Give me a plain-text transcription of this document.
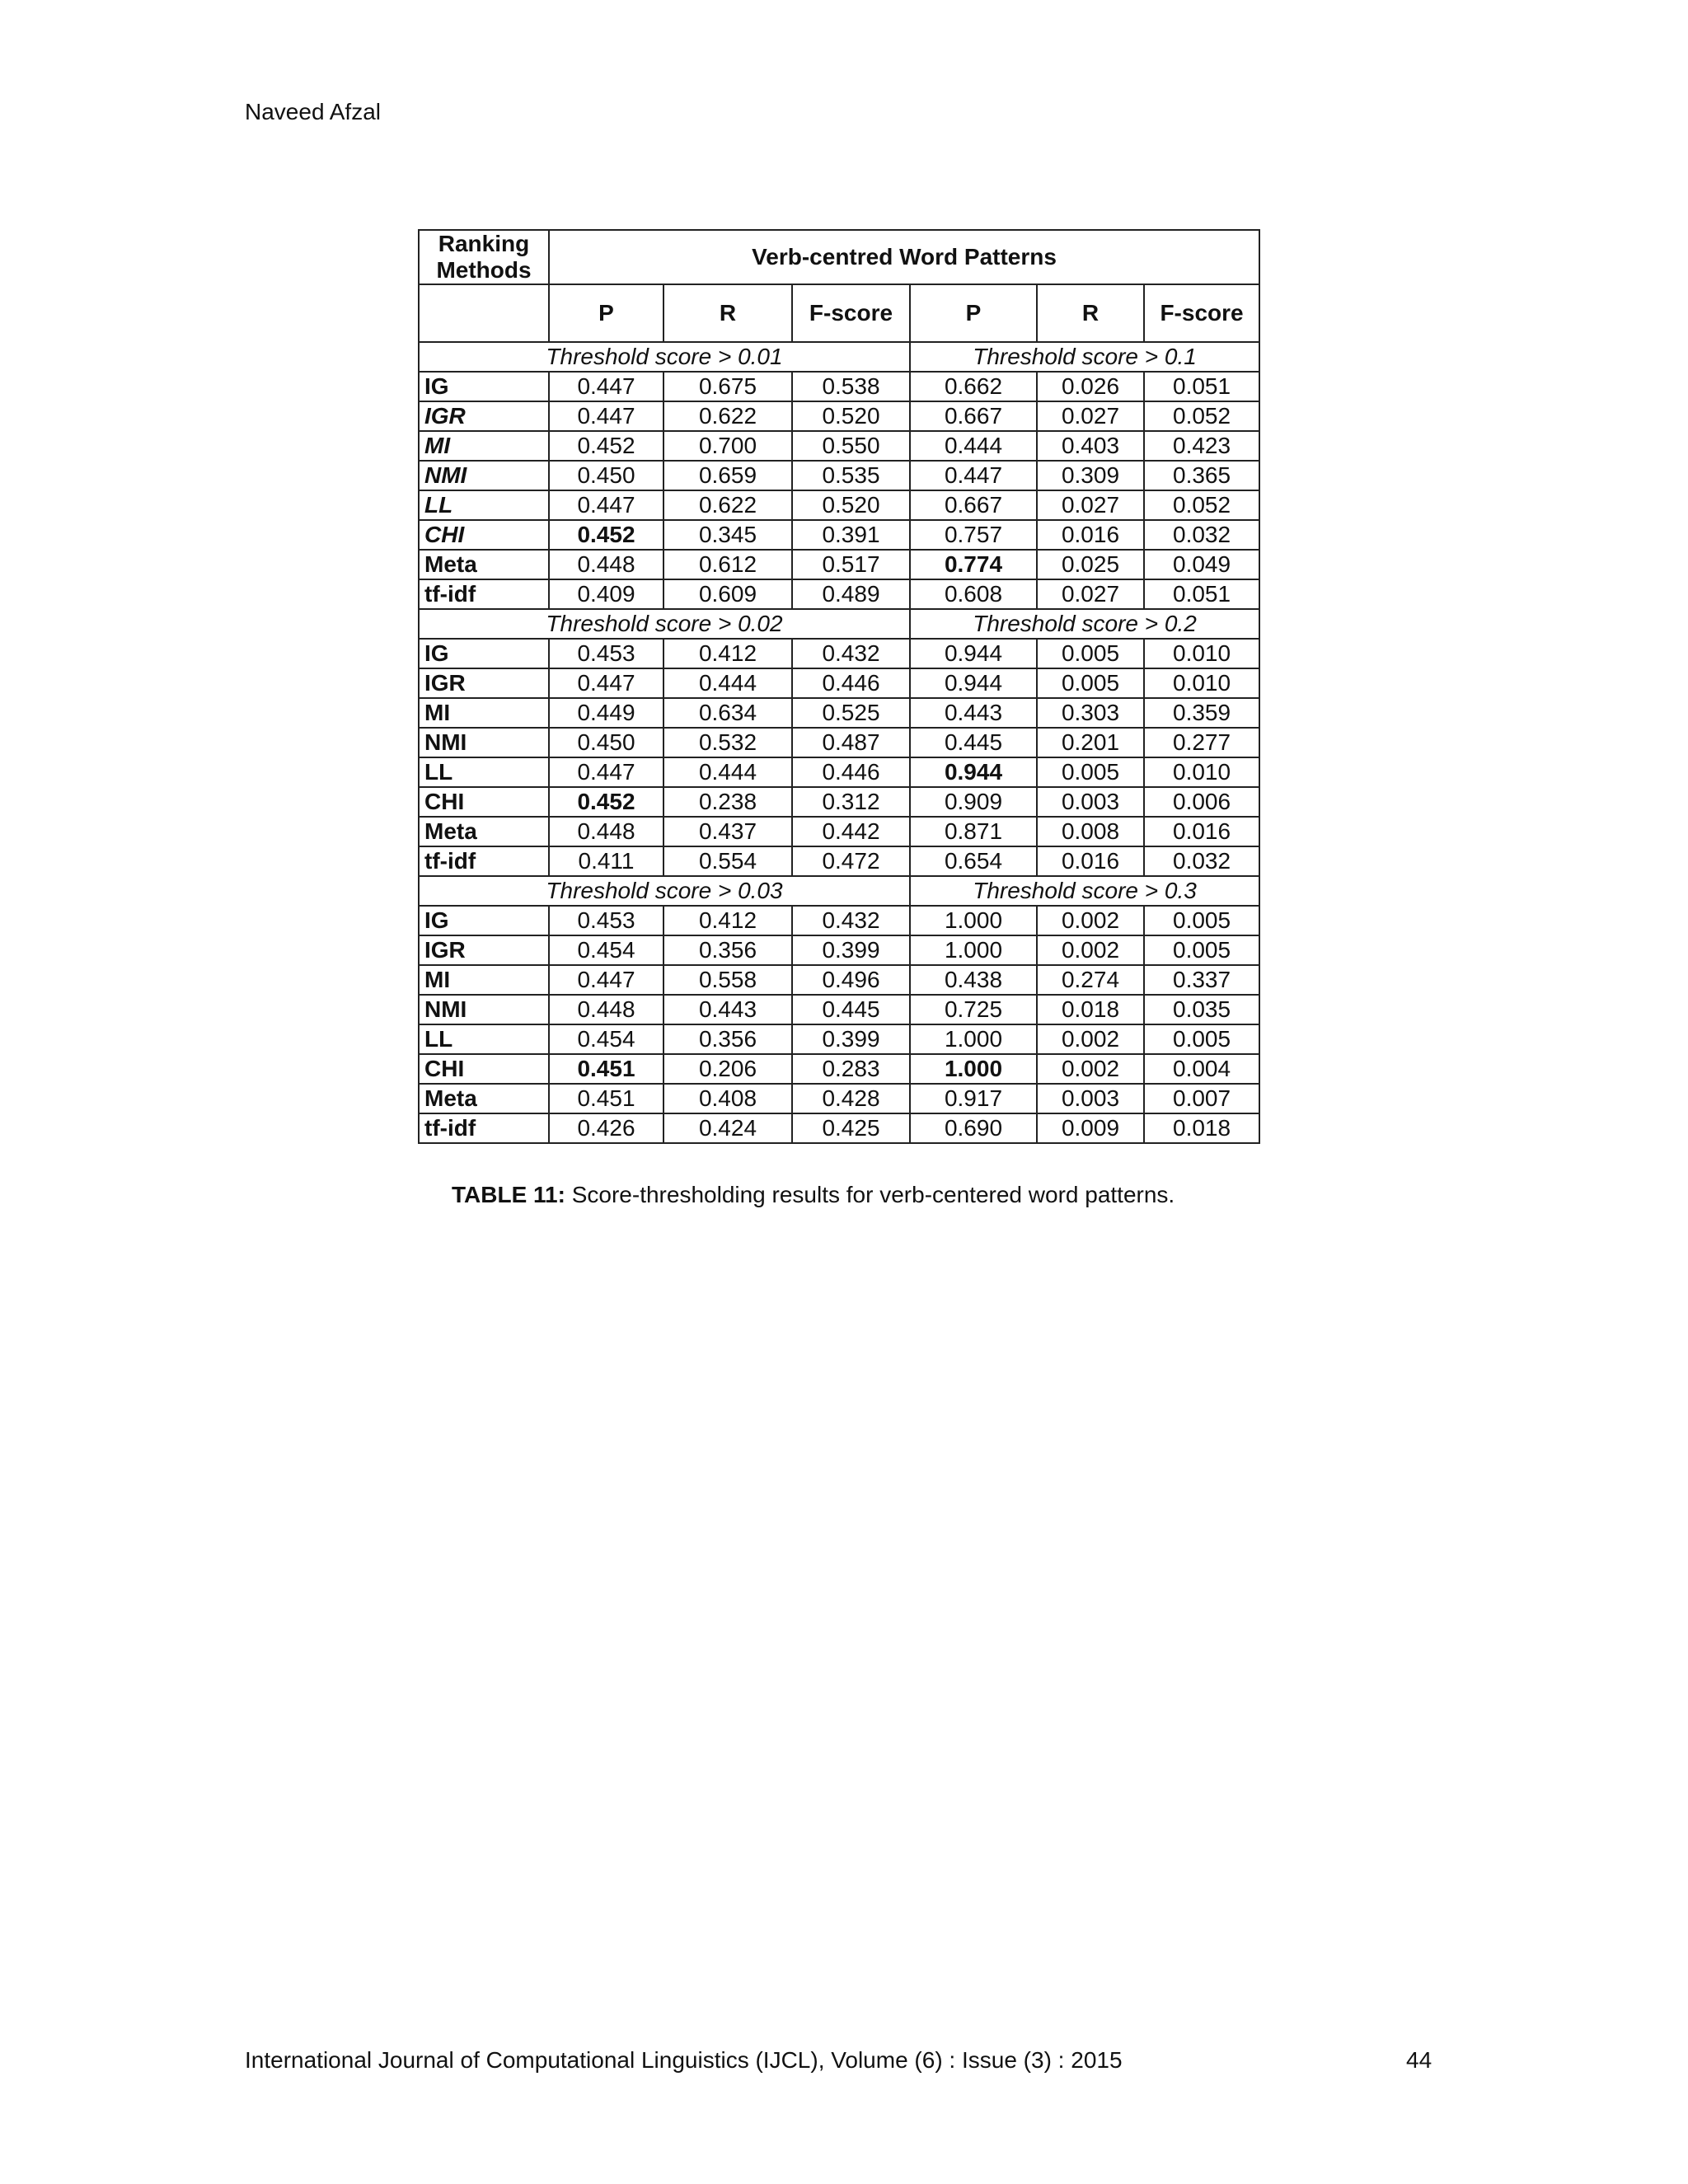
Naveed Afzal
Ranking Methods	Verb-centred Word Patterns					
	P	R	F-score	P	R	F-score
Threshold score > 0.01				Threshold score > 0.1		
IG	0.447	0.675	0.538	0.662	0.026	0.051
IGR	0.447	0.622	0.520	0.667	0.027	0.052
MI	0.452	0.700	0.550	0.444	0.403	0.423
NMI	0.450	0.659	0.535	0.447	0.309	0.365
LL	0.447	0.622	0.520	0.667	0.027	0.052
CHI	0.452	0.345	0.391	0.757	0.016	0.032
Meta	0.448	0.612	0.517	0.774	0.025	0.049
tf-idf	0.409	0.609	0.489	0.608	0.027	0.051
Threshold score > 0.02				Threshold score > 0.2		
IG	0.453	0.412	0.432	0.944	0.005	0.010
IGR	0.447	0.444	0.446	0.944	0.005	0.010
MI	0.449	0.634	0.525	0.443	0.303	0.359
NMI	0.450	0.532	0.487	0.445	0.201	0.277
LL	0.447	0.444	0.446	0.944	0.005	0.010
CHI	0.452	0.238	0.312	0.909	0.003	0.006
Meta	0.448	0.437	0.442	0.871	0.008	0.016
tf-idf	0.411	0.554	0.472	0.654	0.016	0.032
Threshold score > 0.03				Threshold score > 0.3		
IG	0.453	0.412	0.432	1.000	0.002	0.005
IGR	0.454	0.356	0.399	1.000	0.002	0.005
MI	0.447	0.558	0.496	0.438	0.274	0.337
NMI	0.448	0.443	0.445	0.725	0.018	0.035
LL	0.454	0.356	0.399	1.000	0.002	0.005
CHI	0.451	0.206	0.283	1.000	0.002	0.004
Meta	0.451	0.408	0.428	0.917	0.003	0.007
tf-idf	0.426	0.424	0.425	0.690	0.009	0.018
TABLE 11: Score-thresholding results for verb-centered word patterns.
International Journal of Computational Linguistics (IJCL), Volume (6) : Issue (3) : 2015	44
